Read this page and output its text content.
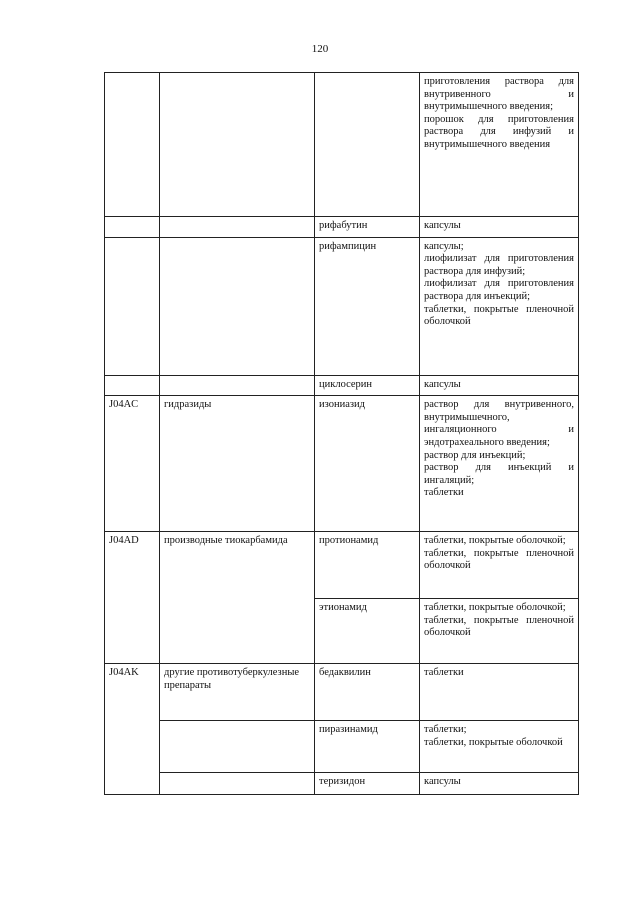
120
			приготовления раствора для внутривенного и внутримышечного введения;
порошок для приготовления раствора для инфузий и внутримышечного введения
		рифабутин	капсулы
		рифампицин	капсулы;
лиофилизат для приготовления раствора для инфузий;
лиофилизат для приготовления раствора для инъекций;
таблетки, покрытые пленочной оболочкой
		циклосерин	капсулы
J04AC	гидразиды	изониазид	раствор для внутривенного, внутримышечного, ингаляционного и эндотрахеального введения;
раствор для инъекций;
раствор для инъекций и ингаляций;
таблетки
J04AD	производные тиокарбамида	протионамид	таблетки, покрытые оболочкой;
таблетки, покрытые пленочной оболочкой
		этионамид	таблетки, покрытые оболочкой;
таблетки, покрытые пленочной оболочкой
J04AK	другие противотуберкулезные препараты	бедаквилин	таблетки
		пиразинамид	таблетки;
таблетки, покрытые оболочкой
		теризидон	капсулы
